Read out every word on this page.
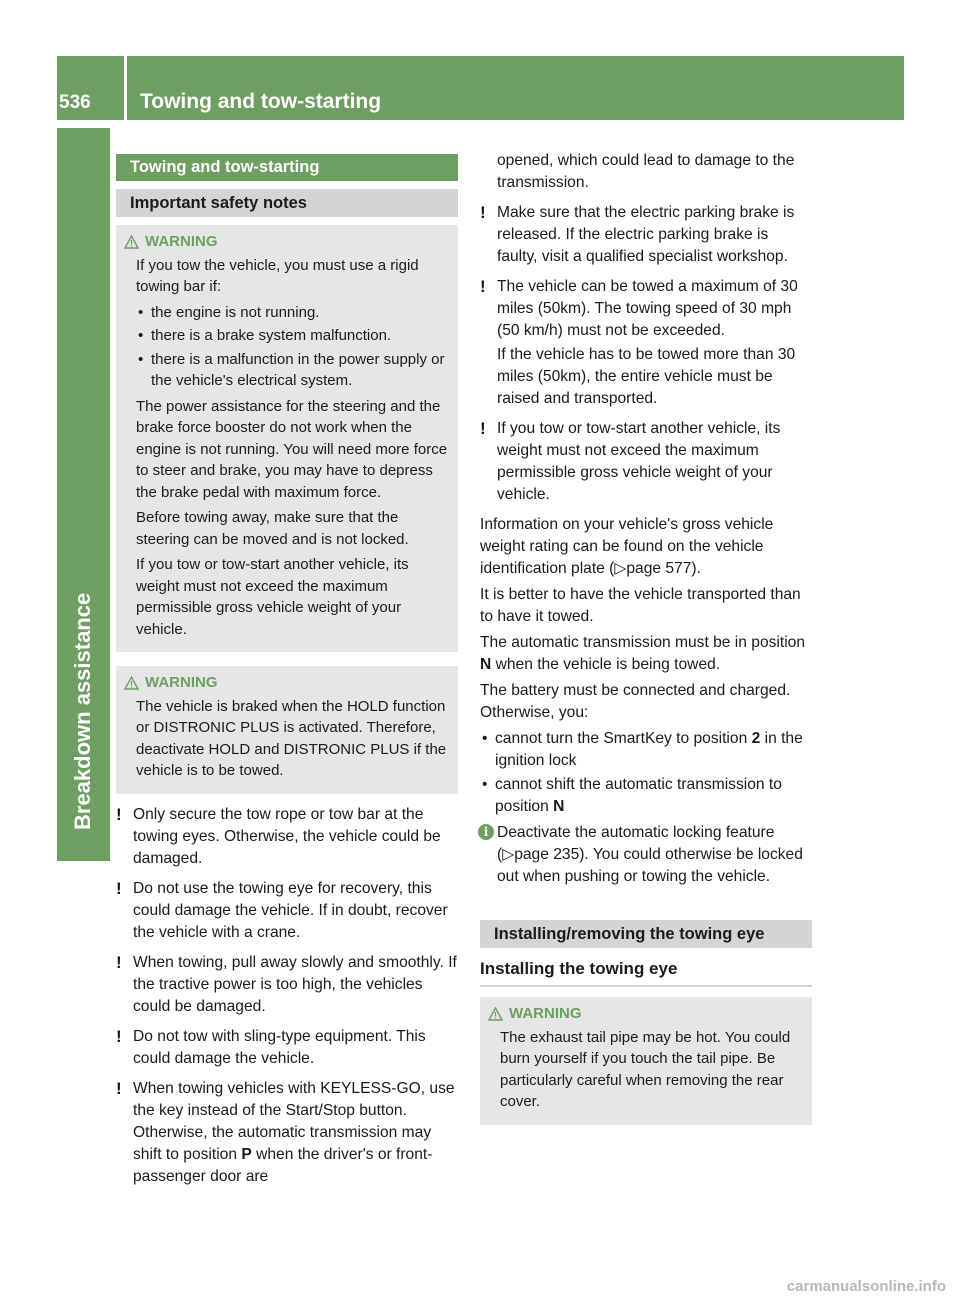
536 Towing and tow-starting
Breakdown assistance
Towing and tow-starting
Important safety notes
WARNING

If you tow the vehicle, you must use a rigid towing bar if:

• the engine is not running.
• there is a brake system malfunction.
• there is a malfunction in the power supply or the vehicle's electrical system.

The power assistance for the steering and the brake force booster do not work when the engine is not running. You will need more force to steer and brake, you may have to depress the brake pedal with maximum force.

Before towing away, make sure that the steering can be moved and is not locked.

If you tow or tow-start another vehicle, its weight must not exceed the maximum permissible gross vehicle weight of your vehicle.

WARNING

The vehicle is braked when the HOLD function or DISTRONIC PLUS is activated. Therefore, deactivate HOLD and DISTRONIC PLUS if the vehicle is to be towed.

! Only secure the tow rope or tow bar at the towing eyes. Otherwise, the vehicle could be damaged.
! Do not use the towing eye for recovery, this could damage the vehicle. If in doubt, recover the vehicle with a crane.
! When towing, pull away slowly and smoothly. If the tractive power is too high, the vehicles could be damaged.
! Do not tow with sling-type equipment. This could damage the vehicle.
! When towing vehicles with KEYLESS-GO, use the key instead of the Start/Stop button. Otherwise, the automatic transmission may shift to position P when the driver's or front-passenger door are
opened, which could lead to damage to the transmission.
! Make sure that the electric parking brake is released. If the electric parking brake is faulty, visit a qualified specialist workshop.
! The vehicle can be towed a maximum of 30 miles (50km). The towing speed of 30 mph (50 km/h) must not be exceeded.
If the vehicle has to be towed more than 30 miles (50km), the entire vehicle must be raised and transported.
! If you tow or tow-start another vehicle, its weight must not exceed the maximum permissible gross vehicle weight of your vehicle.

Information on your vehicle's gross vehicle weight rating can be found on the vehicle identification plate (▷page 577).

It is better to have the vehicle transported than to have it towed.

The automatic transmission must be in position N when the vehicle is being towed.

The battery must be connected and charged. Otherwise, you:

• cannot turn the SmartKey to position 2 in the ignition lock
• cannot shift the automatic transmission to position N
i Deactivate the automatic locking feature (▷page 235). You could otherwise be locked out when pushing or towing the vehicle.
Installing/removing the towing eye
Installing the towing eye
WARNING

The exhaust tail pipe may be hot. You could burn yourself if you touch the tail pipe. Be particularly careful when removing the rear cover.

carmanualsonline.info
